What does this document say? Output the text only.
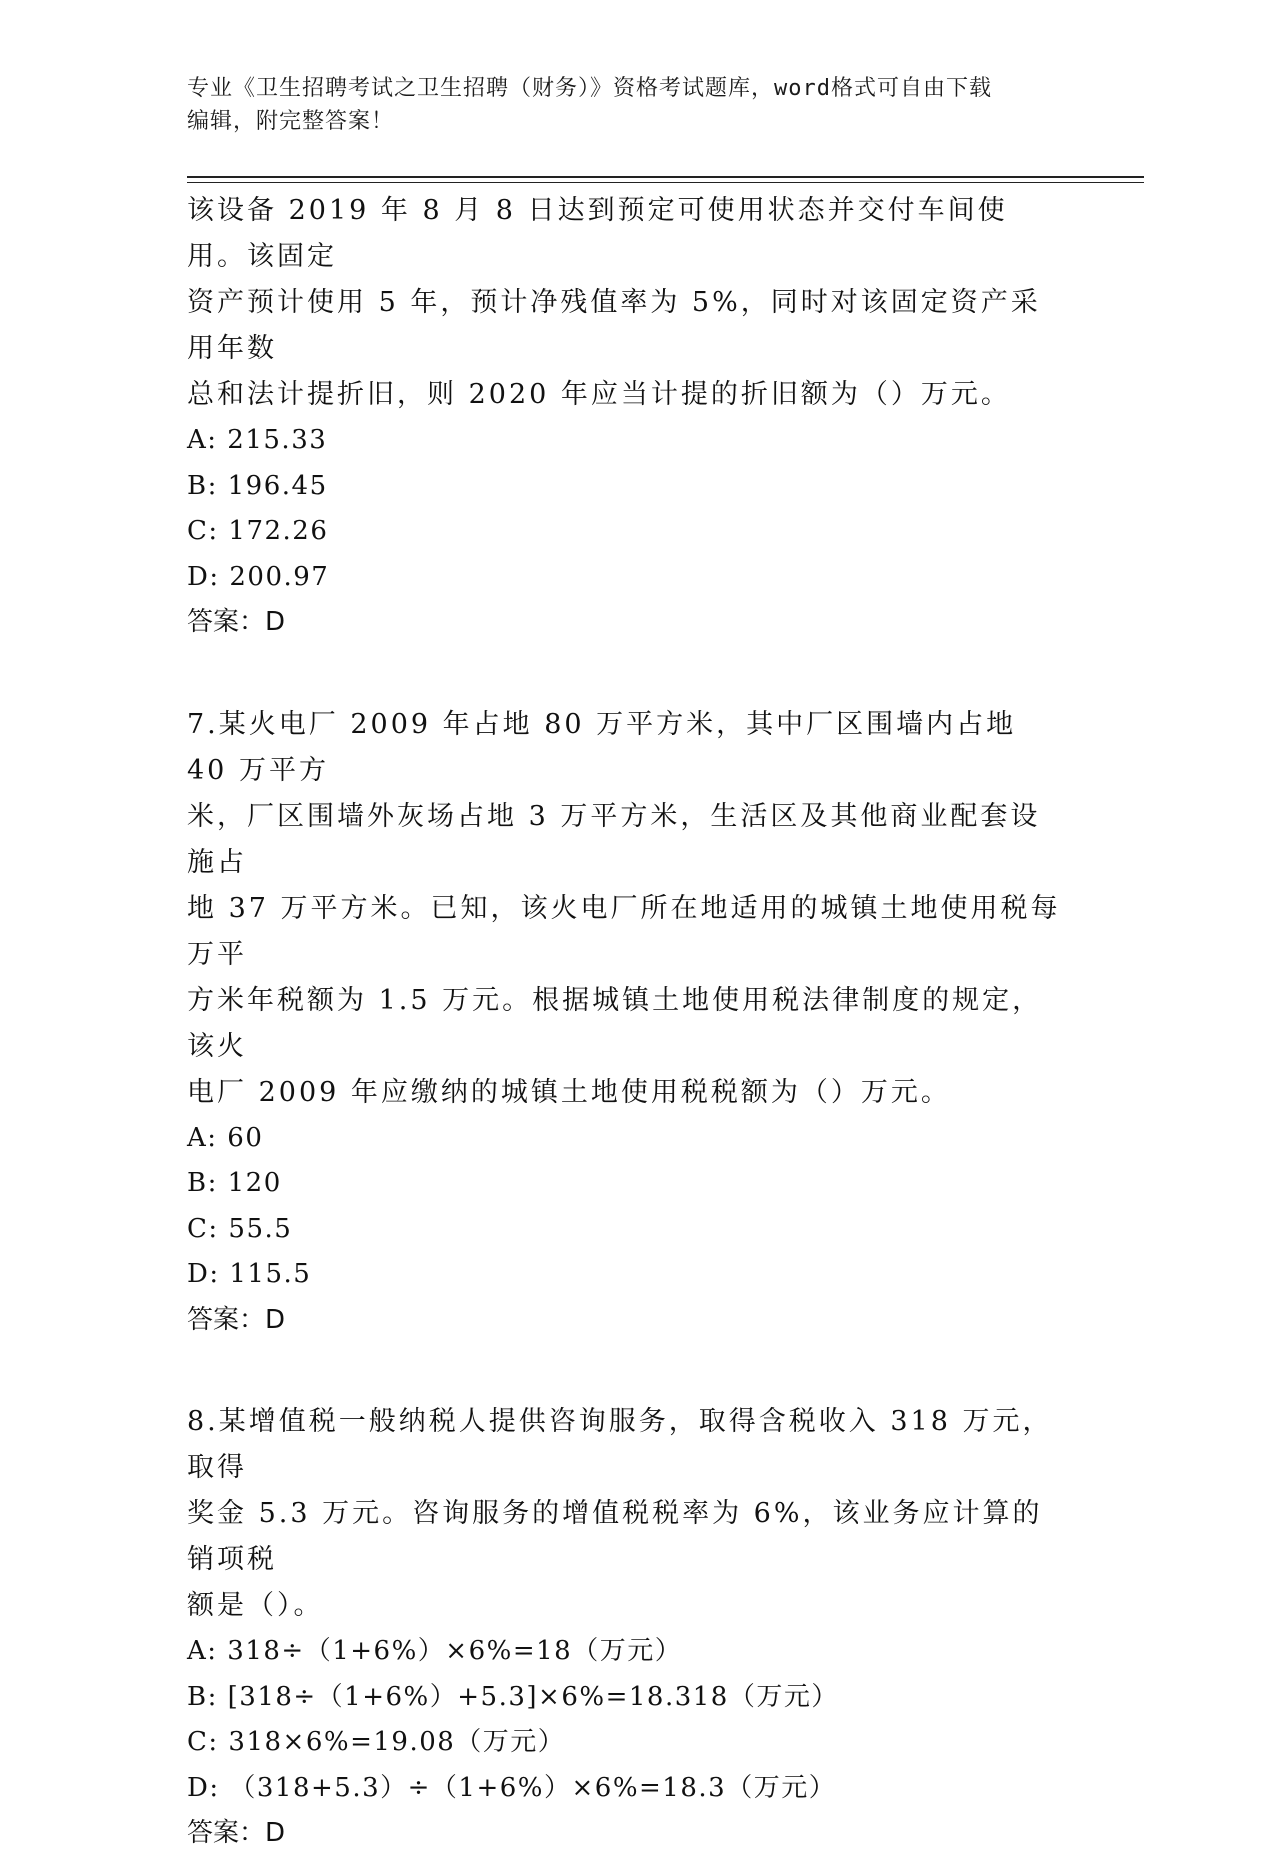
专业《卫生招聘考试之卫生招聘（财务）》资格考试题库，word格式可自由下载
编辑，附完整答案！

该设备 2019 年 8 月 8 日达到预定可使用状态并交付车间使用。该固定

资产预计使用 5 年，预计净残值率为 5%，同时对该固定资产采用年数

总和法计提折旧，则 2020 年应当计提的折旧额为（）万元。

A: 215.33

B: 196.45

C: 172.26

D: 200.97

答案：D

7.某火电厂 2009 年占地 80 万平方米，其中厂区围墙内占地 40 万平方

米，厂区围墙外灰场占地 3 万平方米，生活区及其他商业配套设施占

地 37 万平方米。已知，该火电厂所在地适用的城镇土地使用税每万平

方米年税额为 1.5 万元。根据城镇土地使用税法律制度的规定，该火

电厂 2009 年应缴纳的城镇土地使用税税额为（）万元。

A: 60

B: 120

C: 55.5

D: 115.5

答案：D

8.某增值税一般纳税人提供咨询服务，取得含税收入 318 万元，取得

奖金 5.3 万元。咨询服务的增值税税率为 6%，该业务应计算的销项税

额是（）。

A: 318÷（1+6%）×6%=18（万元）

B: [318÷（1+6%）+5.3]×6%=18.318（万元）

C: 318×6%=19.08（万元）

D: （318+5.3）÷（1+6%）×6%=18.3（万元）

答案：D
